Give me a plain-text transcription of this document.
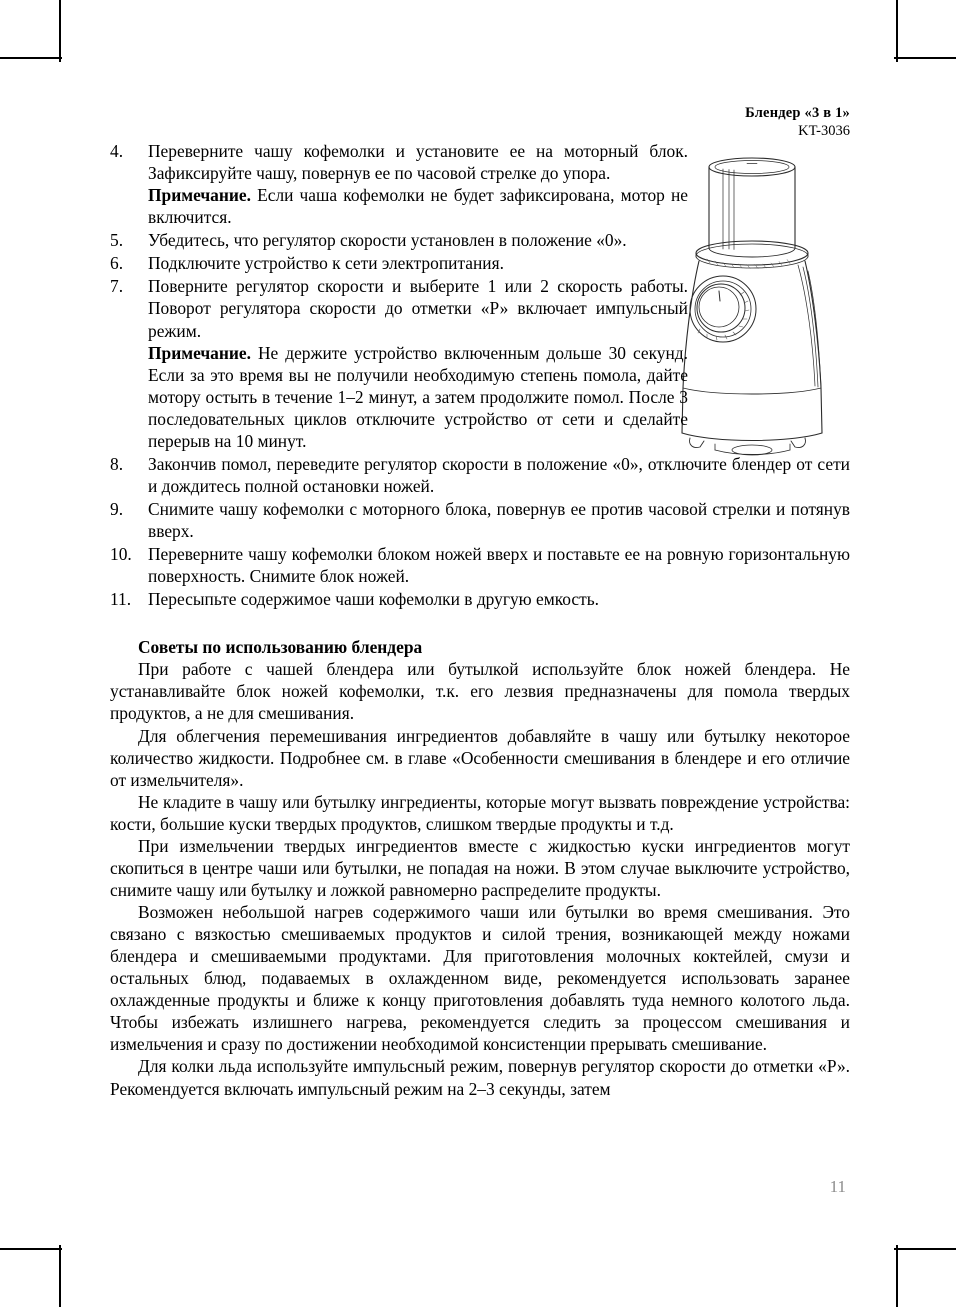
Блендер «3 в 1»
KT-3036
4.	Переверните чашу кофемолки и установите ее на моторный блок. Зафиксируйте чашу, повернув ее по часовой стрелке до упора.

Примечание. Если чаша кофемолки не будет зафиксирована, мотор не включится.

5.	Убедитесь, что регулятор скорости установлен в положение «0».

6.	Подключите устройство к сети электропитания.

7.	Поверните регулятор скорости и выберите 1 или 2 скорость работы. Поворот регулятора скорости до отметки «Р» включает импульсный режим.

Примечание. Не держите устройство включенным дольше 30 секунд. Если за это время вы не получили необходимую степень помола, дайте мотору остыть в течение 1–2 минут, а затем продолжите помол. После 3 последовательных циклов отключите устройство от сети и сделайте перерыв на 10 минут.

8.	Закончив помол, переведите регулятор скорости в положение «0», отключите блендер от сети и дождитесь полной остановки ножей.

9.	Снимите чашу кофемолки с моторного блока, повернув ее против часовой стрелки и потянув вверх.

10. Переверните чашу кофемолки блоком ножей вверх и поставьте ее на ровную горизонтальную поверхность. Снимите блок ножей.

11. Пересыпьте содержимое чаши кофемолки в другую емкость.

Советы по использованию блендера

При работе с чашей блендера или бутылкой используйте блок ножей блендера. Не устанавливайте блок ножей кофемолки, т.к. его лезвия предназначены для помола твердых продуктов, а не для смешивания.

Для облегчения перемешивания ингредиентов добавляйте в чашу или бутылку некоторое количество жидкости. Подробнее см. в главе «Особенности смешивания в блендере и его отличие от измельчителя».

Не кладите в чашу или бутылку ингредиенты, которые могут вызвать повреждение устройства: кости, большие куски твердых продуктов, слишком твердые продукты и т.д.

При измельчении твердых ингредиентов вместе с жидкостью куски ингредиентов могут скопиться в центре чаши или бутылки, не попадая на ножи. В этом случае выключите устройство, снимите чашу или бутылку и ложкой равномерно распределите продукты.

Возможен небольшой нагрев содержимого чаши или бутылки во время смешивания. Это связано с вязкостью смешиваемых продуктов и силой трения, возникающей между ножами блендера и смешиваемыми продуктами. Для приготовления молочных коктейлей, смузи и остальных блюд, подаваемых в охлажденном виде, рекомендуется использовать заранее охлажденные продукты и ближе к концу приготовления добавлять туда немного колотого льда. Чтобы избежать излишнего нагрева, рекомендуется следить за процессом смешивания и измельчения и сразу по достижении необходимой консистенции прерывать смешивание.

Для колки льда используйте импульсный режим, повернув регулятор скорости до отметки «Р». Рекомендуется включать импульсный режим на 2–3 секунды, затем

11
